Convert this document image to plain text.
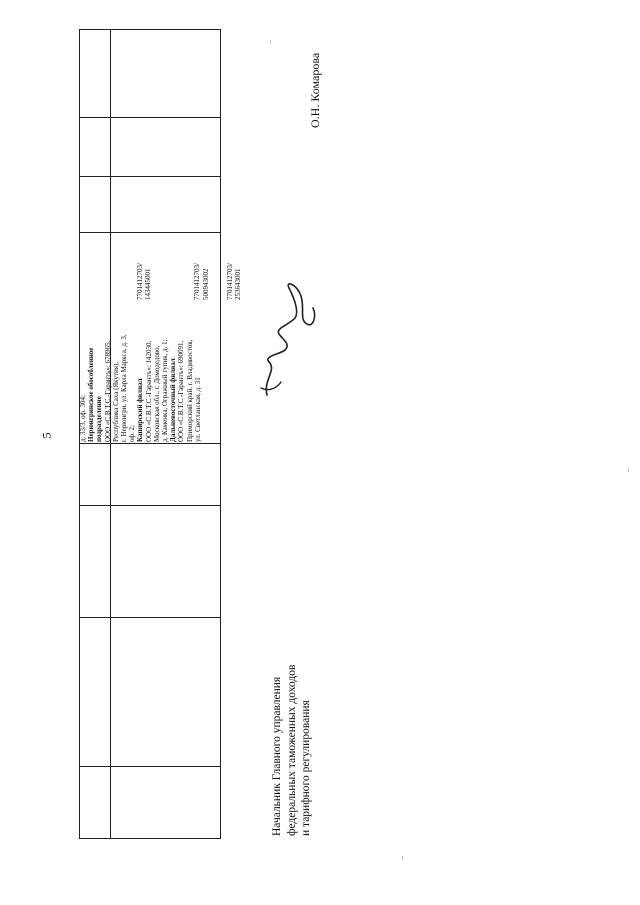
5	д. 33/3, оф. 304; Нерюнгринское обособленное подразделение ООО «С.В.Т.С.-Гарантъ»: 678965, Республика Саха (Якутия), г. Нерюнгри, ул. Карла Маркса, д. 3, оф. 2; Каширский филиал ООО «С.В.Т.С.-Гарантъ»: 142030, Московская обл., г. Домодедово, д. Каменка, Огражный тупик, д. 1; Дальневосточный филиал ООО «С.В.Т.С.-Гарантъ»: 690091, Приморский край, г. Владивосток, ул. Светланская, д. 31
7701412703/ 143445001

	7701412703/ 500943002

7701412703/ 253643001
Начальник Главного управления федеральных таможенных доходов и тарифного регулирования
О.Н. Комарова
